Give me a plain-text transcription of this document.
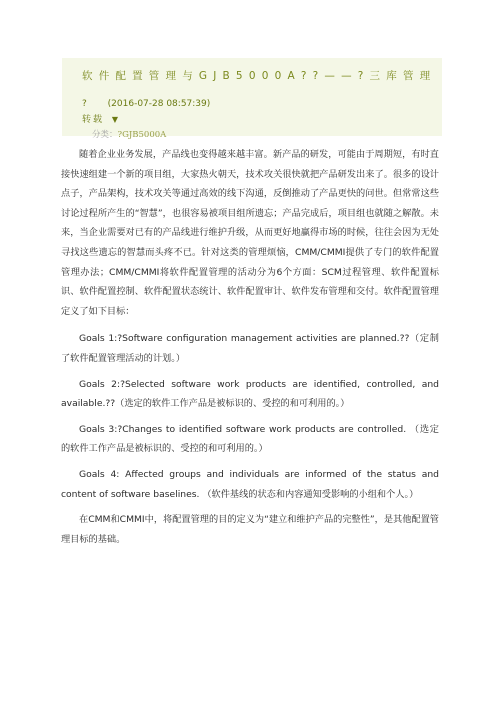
软件配置管理与GJB5000A??——?三库管理
? (2016-07-28 08:57:39)
转载 ▼
分类：?GJB5000A

随着企业业务发展，产品线也变得越来越丰富。新产品的研发，可能由于周期短，有时直接快速组建一个新的项目组，大家热火朝天，技术攻关很快就把产品研发出来了。很多的设计点子，产品架构，技术攻关等通过高效的线下沟通，反倒推动了产品更快的问世。但常常这些讨论过程所产生的“智慧”，也很容易被项目组所遗忘；产品完成后，项目组也就随之解散。未来，当企业需要对已有的产品线进行维护升级，从而更好地赢得市场的时候，往往会因为无处寻找这些遗忘的智慧而头疼不已。针对这类的管理烦恼，CMM/CMMI提供了专门的软件配置管理办法；CMM/CMMI将软件配置管理的活动分为6个方面：SCM过程管理、软件配置标识、软件配置控制、软件配置状态统计、软件配置审计、软件发布管理和交付。软件配置管理定义了如下目标：

Goals 1:?Software configuration management activities are planned.??（定制了软件配置管理活动的计划。）

Goals 2:?Selected software work products are identified, controlled, and available.??（选定的软件工作产品是被标识的、受控的和可利用的。）

Goals 3:?Changes to identified software work products are controlled. （选定的软件工作产品是被标识的、受控的和可利用的。）

Goals 4: Affected groups and individuals are informed of the status and content of software baselines. （软件基线的状态和内容通知受影响的小组和个人。）

在CMM和CMMI中，将配置管理的目的定义为“建立和维护产品的完整性”，是其他配置管理目标的基础。
